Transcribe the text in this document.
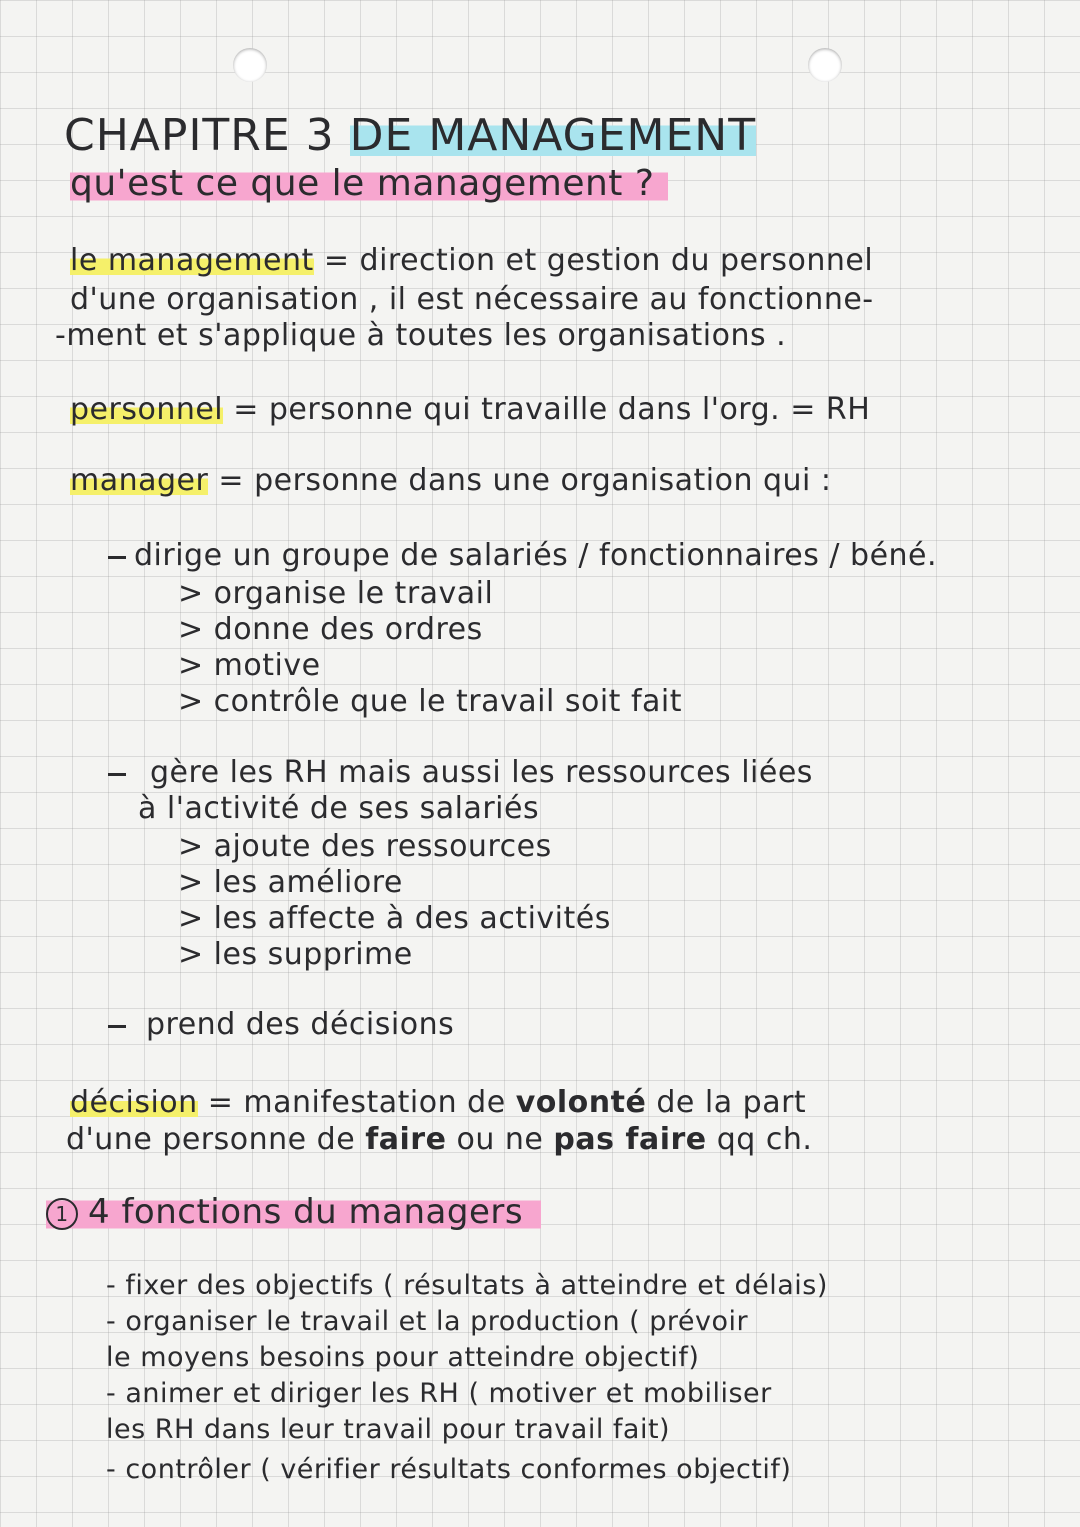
CHAPITRE 3 DE MANAGEMENT
qu'est ce que le management ?
le management = direction et gestion du personnel
d'une organisation , il est nécessaire au fonctionne-
-ment et s'applique à toutes les organisations .
personnel = personne qui travaille dans l'org. = RH
manager = personne dans une organisation qui :
dirige un groupe de salariés / fonctionnaires / béné.
> organise le travail
> donne des ordres
> motive
> contrôle que le travail soit fait
gère les RH mais aussi les ressources liées
à l'activité de ses salariés
> ajoute des ressources
> les améliore
> les affecte à des activités
> les supprime
prend des décisions
décision = manifestation de volonté de la part
d'une personne de faire ou ne pas faire qq ch.
1 4 fonctions du managers
- fixer des objectifs ( résultats à atteindre et délais)
- organiser le travail et la production ( prévoir
le moyens besoins pour atteindre objectif)
- animer et diriger les RH ( motiver et mobiliser
les RH dans leur travail pour travail fait)
- contrôler ( vérifier résultats conformes objectif)
